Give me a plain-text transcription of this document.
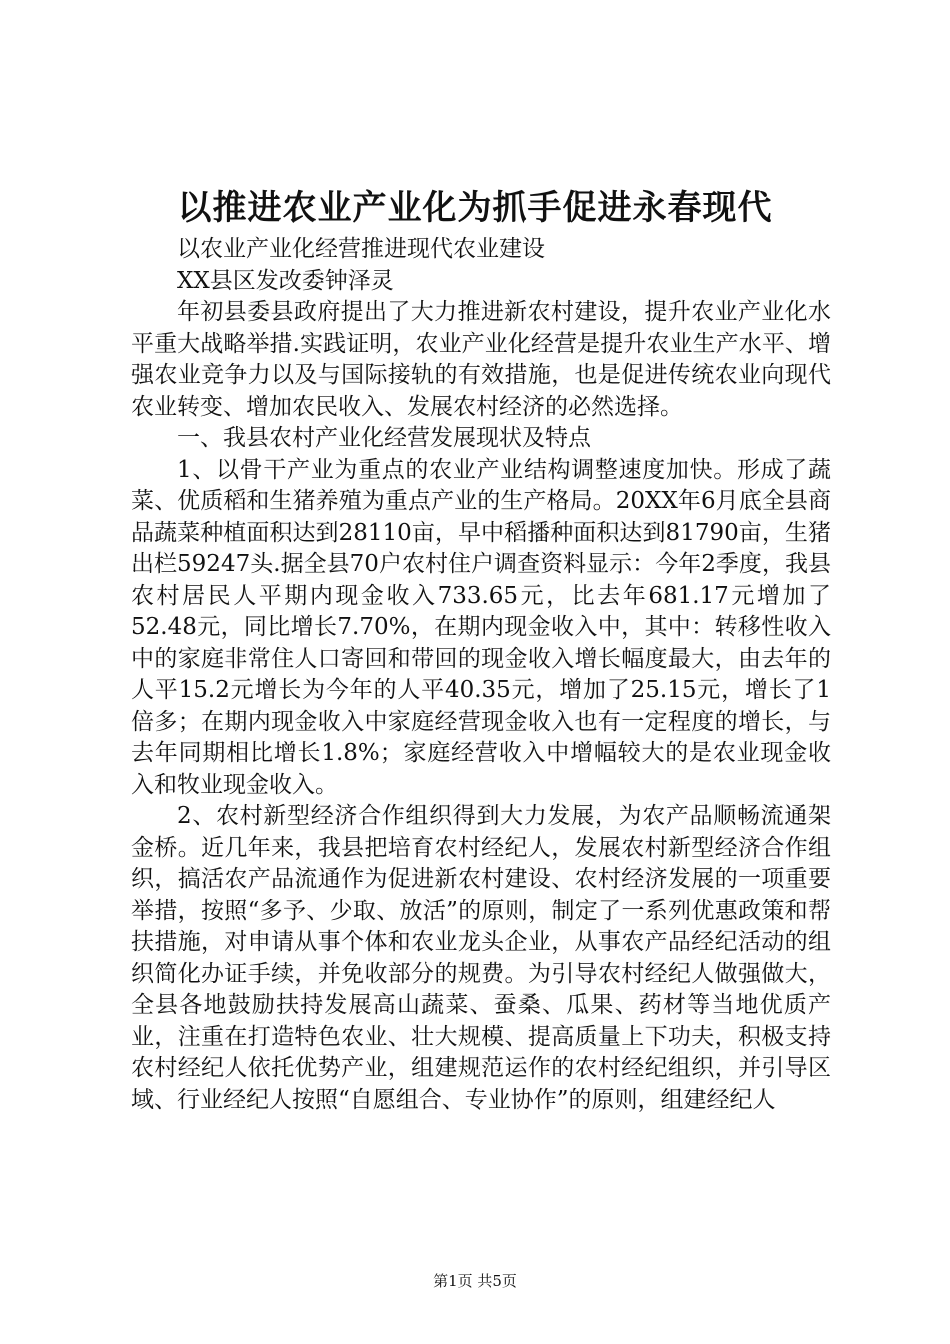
以推进农业产业化为抓手促进永春现代

以农业产业化经营推进现代农业建设

XX县区发改委钟泽灵

年初县委县政府提出了大力推进新农村建设，提升农业产业化水平重大战略举措.实践证明，农业产业化经营是提升农业生产水平、增强农业竞争力以及与国际接轨的有效措施，也是促进传统农业向现代农业转变、增加农民收入、发展农村经济的必然选择。

一、我县农村产业化经营发展现状及特点

1、以骨干产业为重点的农业产业结构调整速度加快。形成了蔬菜、优质稻和生猪养殖为重点产业的生产格局。20XX年6月底全县商品蔬菜种植面积达到28110亩，早中稻播种面积达到81790亩，生猪出栏59247头.据全县70户农村住户调查资料显示：今年2季度，我县农村居民人平期内现金收入733.65元，比去年681.17元增加了52.48元，同比增长7.70%，在期内现金收入中，其中：转移性收入中的家庭非常住人口寄回和带回的现金收入增长幅度最大，由去年的人平15.2元增长为今年的人平40.35元，增加了25.15元，增长了1倍多；在期内现金收入中家庭经营现金收入也有一定程度的增长，与去年同期相比增长1.8%；家庭经营收入中增幅较大的是农业现金收入和牧业现金收入。

2、农村新型经济合作组织得到大力发展，为农产品顺畅流通架金桥。近几年来，我县把培育农村经纪人，发展农村新型经济合作组织，搞活农产品流通作为促进新农村建设、农村经济发展的一项重要举措，按照“多予、少取、放活”的原则，制定了一系列优惠政策和帮扶措施，对申请从事个体和农业龙头企业，从事农产品经纪活动的组织简化办证手续，并免收部分的规费。为引导农村经纪人做强做大，全县各地鼓励扶持发展高山蔬菜、蚕桑、瓜果、药材等当地优质产业，注重在打造特色农业、壮大规模、提高质量上下功夫，积极支持农村经纪人依托优势产业，组建规范运作的农村经纪组织，并引导区域、行业经纪人按照“自愿组合、专业协作”的原则，组建经纪人

第1页 共5页
